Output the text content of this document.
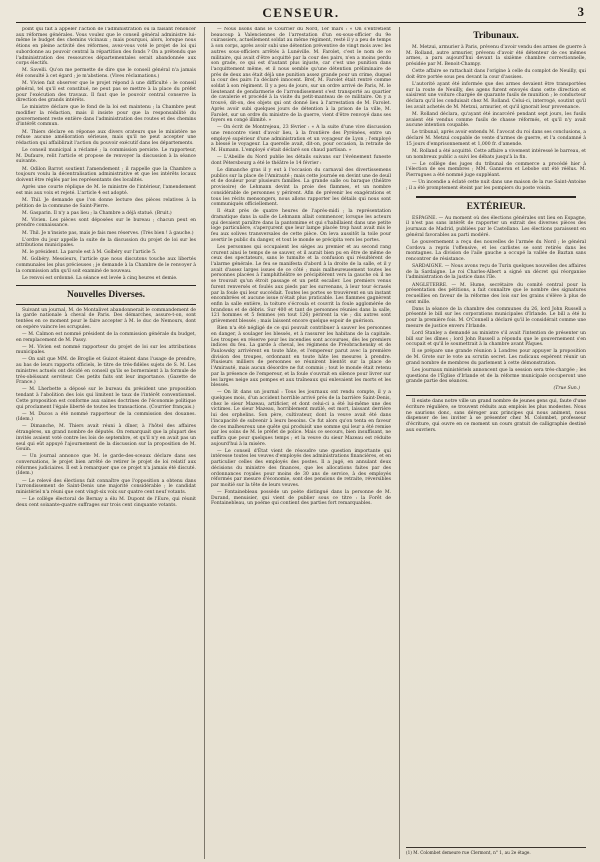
CENSEUR.	3

point qui fait à appeler l'action de l'administration ou la faisant renoncer aux réformes générales. Vous voulez que le conseil général administre lui-même le budget des chemins vicinaux ; mais pourquoi, alors, lorsque nous étions en pleine activité des réformes, avez-vous voté le projet de loi qui subordonne au pouvoir central la répartition des fonds ? On a prétendu que l'administration des ressources départementales serait abandonnée aux corps électifs.

M. Savelli. Qu'on me permette de dire que le conseil général n'a jamais été consulté à cet égard ; je m'abstiens. (Vives réclamations.)

M. Vivien fait observer que le projet répond à une difficulté : le conseil général, tel qu'il est constitué, ne peut pas se mettre à la place du préfet pour l'exécution des travaux. Il faut que le pouvoir central conserve la direction des grands intérêts.

Le ministre déclare que le fond de la loi est maintenu ; la Chambre peut modifier la rédaction, mais il insiste pour que la responsabilité du gouvernement reste entière dans l'administration des routes et des chemins d'intérêt commun.

M. Thiers déclare en réponse aux divers orateurs que le ministère ne refuse aucune amélioration sérieuse, mais qu'il ne peut accepter une rédaction qui affaiblirait l'action du pouvoir exécutif dans les départements.

Le conseil municipal a réclamé ; la commission persiste. Le rapporteur, M. Dufaure, relit l'article et propose de renvoyer la discussion à la séance suivante.

M. Odilon Barrot soutient l'amendement ; il rappelle que la Chambre a toujours voulu la décentralisation administrative et que les intérêts locaux doivent être réglés par les représentants des localités.

Après une courte réplique de M. le ministre de l'intérieur, l'amendement est mis aux voix et rejeté. L'article 4 est adopté.

M. Thil. Je demande que l'on donne lecture des pièces relatives à la pétition de la commune de Saint-Pierre.

M. Gasparin. Il n'y a pas lieu ; la Chambre a déjà statué. (Bruit.)

M. Vivien. Les pièces sont déposées sur le bureau ; chacun peut en prendre connaissance.

M. Thil. Je n'insiste pas, mais je fais mes réserves. (Très bien ! à gauche.)

L'ordre du jour appelle la suite de la discussion du projet de loi sur les attributions municipales.

M. le président. La parole est à M. Golbéry sur l'article 5.

M. Golbéry. Messieurs, l'article que nous discutons touche aux libertés communales les plus précieuses ; je demande à la Chambre de le renvoyer à la commission afin qu'il soit examiné de nouveau.

Le renvoi est ordonné. La séance est levée à cinq heures et demie.

Nouvelles Diverses.

Suivant un journal, M. de Montalivet abandonnerait le commandement de la garde nationale à cheval de Paris. Des démarches, assure-t-on, sont tentées en ce moment pour le faire accepter à M. le duc de Nemours, dont on espère vaincre les scrupules.

— M. Calmon est nommé président de la commission générale du budget, en remplacement de M. Passy.

— M. Vivien est nommé rapporteur du projet de loi sur les attributions municipales.

— On sait que MM. de Broglie et Guizot étaient dans l'usage de prendre, au bas de leurs rapports officiels, le titre de très-fidèles sujets de S. M. Les ministres actuels ont décidé en conseil qu'ils se borneraient à la formule de très-obéissant serviteur. Ces petits faits ont leur importance. (Gazette de France.)

— M. Lherbette a déposé sur le bureau du président une proposition tendant à l'abolition des lois qui limitent le taux de l'intérêt conventionnel. Cette proposition est conforme aux saines doctrines de l'économie politique qui proclament l'égale liberté de toutes les transactions. (Courrier français.)

— M. Ducos a été nommé rapporteur de la commission des douanes. (Idem.)

— Dimanche, M. Thiers avait réuni à dîner, à l'hôtel des affaires étrangères, un grand nombre de députés. On remarquait que la plupart des invités avaient voté contre les lois de septembre, et qu'il n'y en avait pas un seul qui eût appuyé l'ajournement de la discussion sur la proposition de M. Gouin.

— Un journal annonce que M. le garde-des-sceaux déclare dans ses conversations, le projet bien arrêté de retirer le projet de loi relatif aux réformes judiciaires. Il est à remarquer que ce projet n'a jamais été discuté. (Idem.)

— Le relevé des élections fait connaître que l'opposition a obtenu dans l'arrondissement de Saint-Denis une majorité considérable ; le candidat ministériel n'a réuni que cent vingt-six voix sur quatre cent neuf votants.

— Le collège électoral de Bernay a élu M. Dupont de l'Eure, qui réunit deux cent soixante-quatre suffrages sur trois cent cinquante votants.

— Nous lisons dans le Courrier du Nord, 1er mars : « On s'entretient beaucoup à Valenciennes de l'arrestation d'un ex-sous-officier du 9e cuirassiers, actuellement soldat au même régiment, resté il y a peu de temps à son corps, après avoir subi une détention préventive de vingt mois avec les autres sous-officiers arrêtés à Lunéville. M. Farolet, c'est le nom de ce militaire, qui avait d'être acquitté par la cour des pairs, n'en a moins perdu son grade, ce qui est d'autant plus injuste, car c'est une punition dans l'acquittement même, et il nous semble qu'une détention préliminaire de près de deux ans était déjà une punition assez grande pour un crime, duquel la cour des pairs l'a déclaré innocent. Bref, M. Farolet était rentré comme soldat à son régiment. Il y a peu de jours, sur un ordre arrivé de Paris, M. le lieutenant de gendarmerie de l'arrondissement s'est transporté au quartier de cavalerie et procédé à la visite du petit-manteau de ce militaire. On y a trouvé, dit-on, des objets qui ont donné lieu à l'arrestation de M. Farolet. Après avoir subi quelques jours de détention à la prison de la ville, M. Farolet, sur un ordre du ministre de la guerre, vient d'être renvoyé dans ses foyers en congé illimité. »

— On écrit de Montrejeau, 23 février : « A la suite d'une vive discussion une rencontre vient d'avoir lieu, à la frontière des Pyrénées, entre un employé supérieur d'une administration et un voyageur de Lyon ; l'employé a blessé le voyageur. La querelle avait, dit-on, pour occasion, la retraite de M. Humann. L'employé s'était déclaré son chaud partisan. »

— L'Abeille du Nord publie les détails suivans sur l'événement funeste dont Pétersbourg a été le théâtre le 14 février :

Le dimanche gras il y eut à l'occasion du carnaval des divertissemens publics sur la place de l'Amirauté ; mais cette journée en devint une de deuil et de douleur pour plusieurs familles. La grande salle ou baraque (théâtre provisoire) de Lehmann devint la proie des flammes, et un nombre considérable de personnes y périrent. Afin de prévenir les exagérations et tous les récits mensongers, nous allons rapporter les détails qui nous sont communiqués officiellement.

Il était près de quatre heures de l'après-midi ; la représentation dramatique dans la salle de Lehmann allait commencer, lorsque les acteurs qui devaient paraître dans la pantomime et qui s'habillaient dans une petite loge particulière, s'aperçurent que leur lampe placée trop haut avait mis le feu aux solives transversales de cette pièce. On leva aussitôt la toile pour avertir le public du danger, et tout le monde se précipita vers les portes.

Les personnes qui occupaient les sièges au premier et au second rang crurent ainsi le temps de se sauver, et il aurait bien pu en être de même de ceux des spectateurs, sans le tumulte et la confusion qui résultèrent de l'alarme générale. Le feu se manifesta d'abord à la droite de la salle, et il y avait d'assez larges issues de ce côté ; mais malheureusement toutes les personnes placées à l'amphithéâtre se précipitèrent vers la gauche où il ne se trouvait qu'un étroit passage et un petit escalier. Les premiers venus furent renversés et foulés aux pieds par les survenans, à leur tour écrasés par la foule qui leur succédait. Toutes les portes se trouvèrent en un instant encombrées et aucune issue n'était plus praticable. Les flammes gagnèrent enfin la salle entière, la toiture s'écroula et couvrit la foule agglomérée de brandons et de débris. Sur 400 et tant de personnes réunies dans la salle, 121 hommes et 5 femmes (en tout 126) périrent la vie ; dix autres sont grièvement blessés ; mais laissent encore quelque espoir de guérison.

Rien n'a été négligé de ce qui pouvait contribuer à sauver les personnes en danger, à soulager les blessés, et à rassurer les habitans de la capitale. Les troupes en réserve pour les incendies sont accourues, dès les premiers indices du feu. La garde à cheval, les régimens de Préobrachensky et de Paulowsky arrivèrent en toute hâte, et l'empereur parut avec la première division des troupes, ordonnant en toute hâte les mesures à prendre. Plusieurs milliers de personnes se réunirent bientôt sur la place de l'Amirauté, mais aucun désordre ne fut commis ; tout le monde était retenu par la présence de l'empereur, et la foule s'ouvrait en silence pour livrer sur les larges neige aux pompes et aux traîneaux qui enlevaient les morts et les blessés.

— On lit dans un journal : Tous les journaux ont rendu compte, il y a quelques mois, d'un accident horrible arrivé près de la barrière Saint-Denis, chez le sieur Mazeau, artificier, et dont celui-ci a été lui-même une des victimes. Le sieur Mazeau, horriblement mutilé, est mort, laissant derrière lui des orphelins. Son père, cultivateur, dont la veuve avait été dans l'incapacité de subvenir à leurs besoins. Ce fut alors qu'on tenta en faveur de ces malheureux une quête qui produisit une somme qui leur a été remise par les soins de M. le préfet de police. Mais ce secours, bien insuffisant, ne suffira que pour quelques temps ; et la veuve du sieur Mazeau est réduite aujourd'hui à la misère.

— Le conseil d'État vient de résoudre une question importante qui intéresse toutes les veuves d'employés des administrations financières, et en particulier celles des employés des postes. Il a jugé, en annulant deux décisions du ministre des finances, que les allocations faites par des ordonnances royales pour moins de 30 ans de service, à des employés réformés par mesure d'économie, sont des pensions de retraite, réversibles par moitié sur la tête de leurs veuves.

— Fontainebleau possède un poète distingué dans la personne de M. Durand, menuisier, qui vient de publier sous ce titre : la Forêt de Fontainebleau, un poëme qui contient des parties fort remarquables.

Tribunaux.

M. Metzui, armurier à Paris, prévenu d'avoir vendu des armes de guerre à M. Rolland, autre armurier, prévenu d'avoir été détenteur de ces mêmes armes, a paru aujourd'hui devant la sixième chambre correctionnelle, présidée par M. Benoit-Champy.

Cette affaire se rattachait dans l'origine à celle du complot de Neuilly, qui doit être portée sous peu devant la cour d'assises.

L'autorité ayant été informée que des armes devaient être transportées sur la route de Neuilly, des agens furent envoyés dans cette direction et saisirent une voiture chargée de quarante fusils de munition ; le conducteur déclara qu'il les conduisait chez M. Rolland. Celui-ci, interrogé, soutint qu'il les avait achetés de M. Metzui, armurier, et qu'il ignorait leur provenance.

M. Rolland déclara, qu'ayant été incarcéré pendant sept jours, les fusils avaient été vendus comme fusils de chasse réformés, et qu'il n'y avait aucune intention coupable.

Le tribunal, après avoir entendu M. l'avocat du roi dans ses conclusions, a déclaré M. Metzui coupable de vente d'armes de guerre, et l'a condamné à 15 jours d'emprisonnement et 1,000 fr. d'amende.

M. Rolland a été acquitté. Cette affaire a vivement intéressé le barreau, et un nombreux public a suivi les débats jusqu'à la fin.

— Le collège des juges du tribunal de commerce a procédé hier à l'élection de ses membres ; MM. Ganneron et Lebobe ont été réélus. M. Pierrugues a été nommé juge suppléant.

— Un incendie a éclaté cette nuit dans une maison de la rue Saint-Antoine ; il a été promptement éteint par les pompiers du poste voisin.

EXTÉRIEUR.

ESPAGNE. — Au moment où des élections générales ont lieu en Espagne, il n'est pas sans intérêt de rapporter un extrait des diverses pièces des journaux de Madrid, publiées par le Castellano. Les élections paraissent en général favorables au parti modéré.

Le gouvernement a reçu des nouvelles de l'armée du Nord ; le général Cordova a repris l'offensive, et les carlistes se sont retirés dans les montagnes. La division de l'aile gauche a occupé la vallée de Baztan sans rencontrer de résistance.

SARDAIGNE. — Nous avons reçu de Turin quelques nouvelles des affaires de la Sardaigne. Le roi Charles-Albert a signé un décret qui réorganise l'administration de la justice dans l'île.

ANGLETERRE. — M. Hume, secrétaire du comité central pour la présentation des pétitions, a fait connaître que le nombre des signatures recueillies en faveur de la réforme des lois sur les grains s'élève à plus de cent mille.

Dans la séance de la chambre des communes du 26, lord John Russell a présenté le bill sur les corporations municipales d'Irlande. Le bill a été lu pour la première fois. M. O'Connell a déclaré qu'il le considérait comme une mesure de justice envers l'Irlande.

Lord Stanley a demandé au ministre s'il avait l'intention de présenter un bill sur les dîmes ; lord John Russell a répondu que le gouvernement s'en occupait et qu'il le soumettrait à la chambre avant Pâques.

Il se prépare une grande réunion à Londres pour appuyer la proposition de M. Grote sur le vote au scrutin secret. Les radicaux espèrent réunir un grand nombre de membres du parlement à cette démonstration.

Les journaux ministériels annoncent que la session sera très-chargée ; les questions de l'Église d'Irlande et de la réforme municipale occuperont une grande partie des séances.

(True Sun.)

Il existe dans notre ville un grand nombre de jeunes gens qui, faute d'une écriture régulière, se trouvent réduits aux emplois les plus modestes. Nous ne saurions donc, sans déroger aux principes qui nous animent, nous dispenser de les inviter à se présenter chez M. Colombet, professeur d'écriture, qui ouvre en ce moment un cours gratuit de calligraphie destiné aux ouvriers.

(1) M. Colombet demeure rue Clermont, n° 1, au 2e étage.
